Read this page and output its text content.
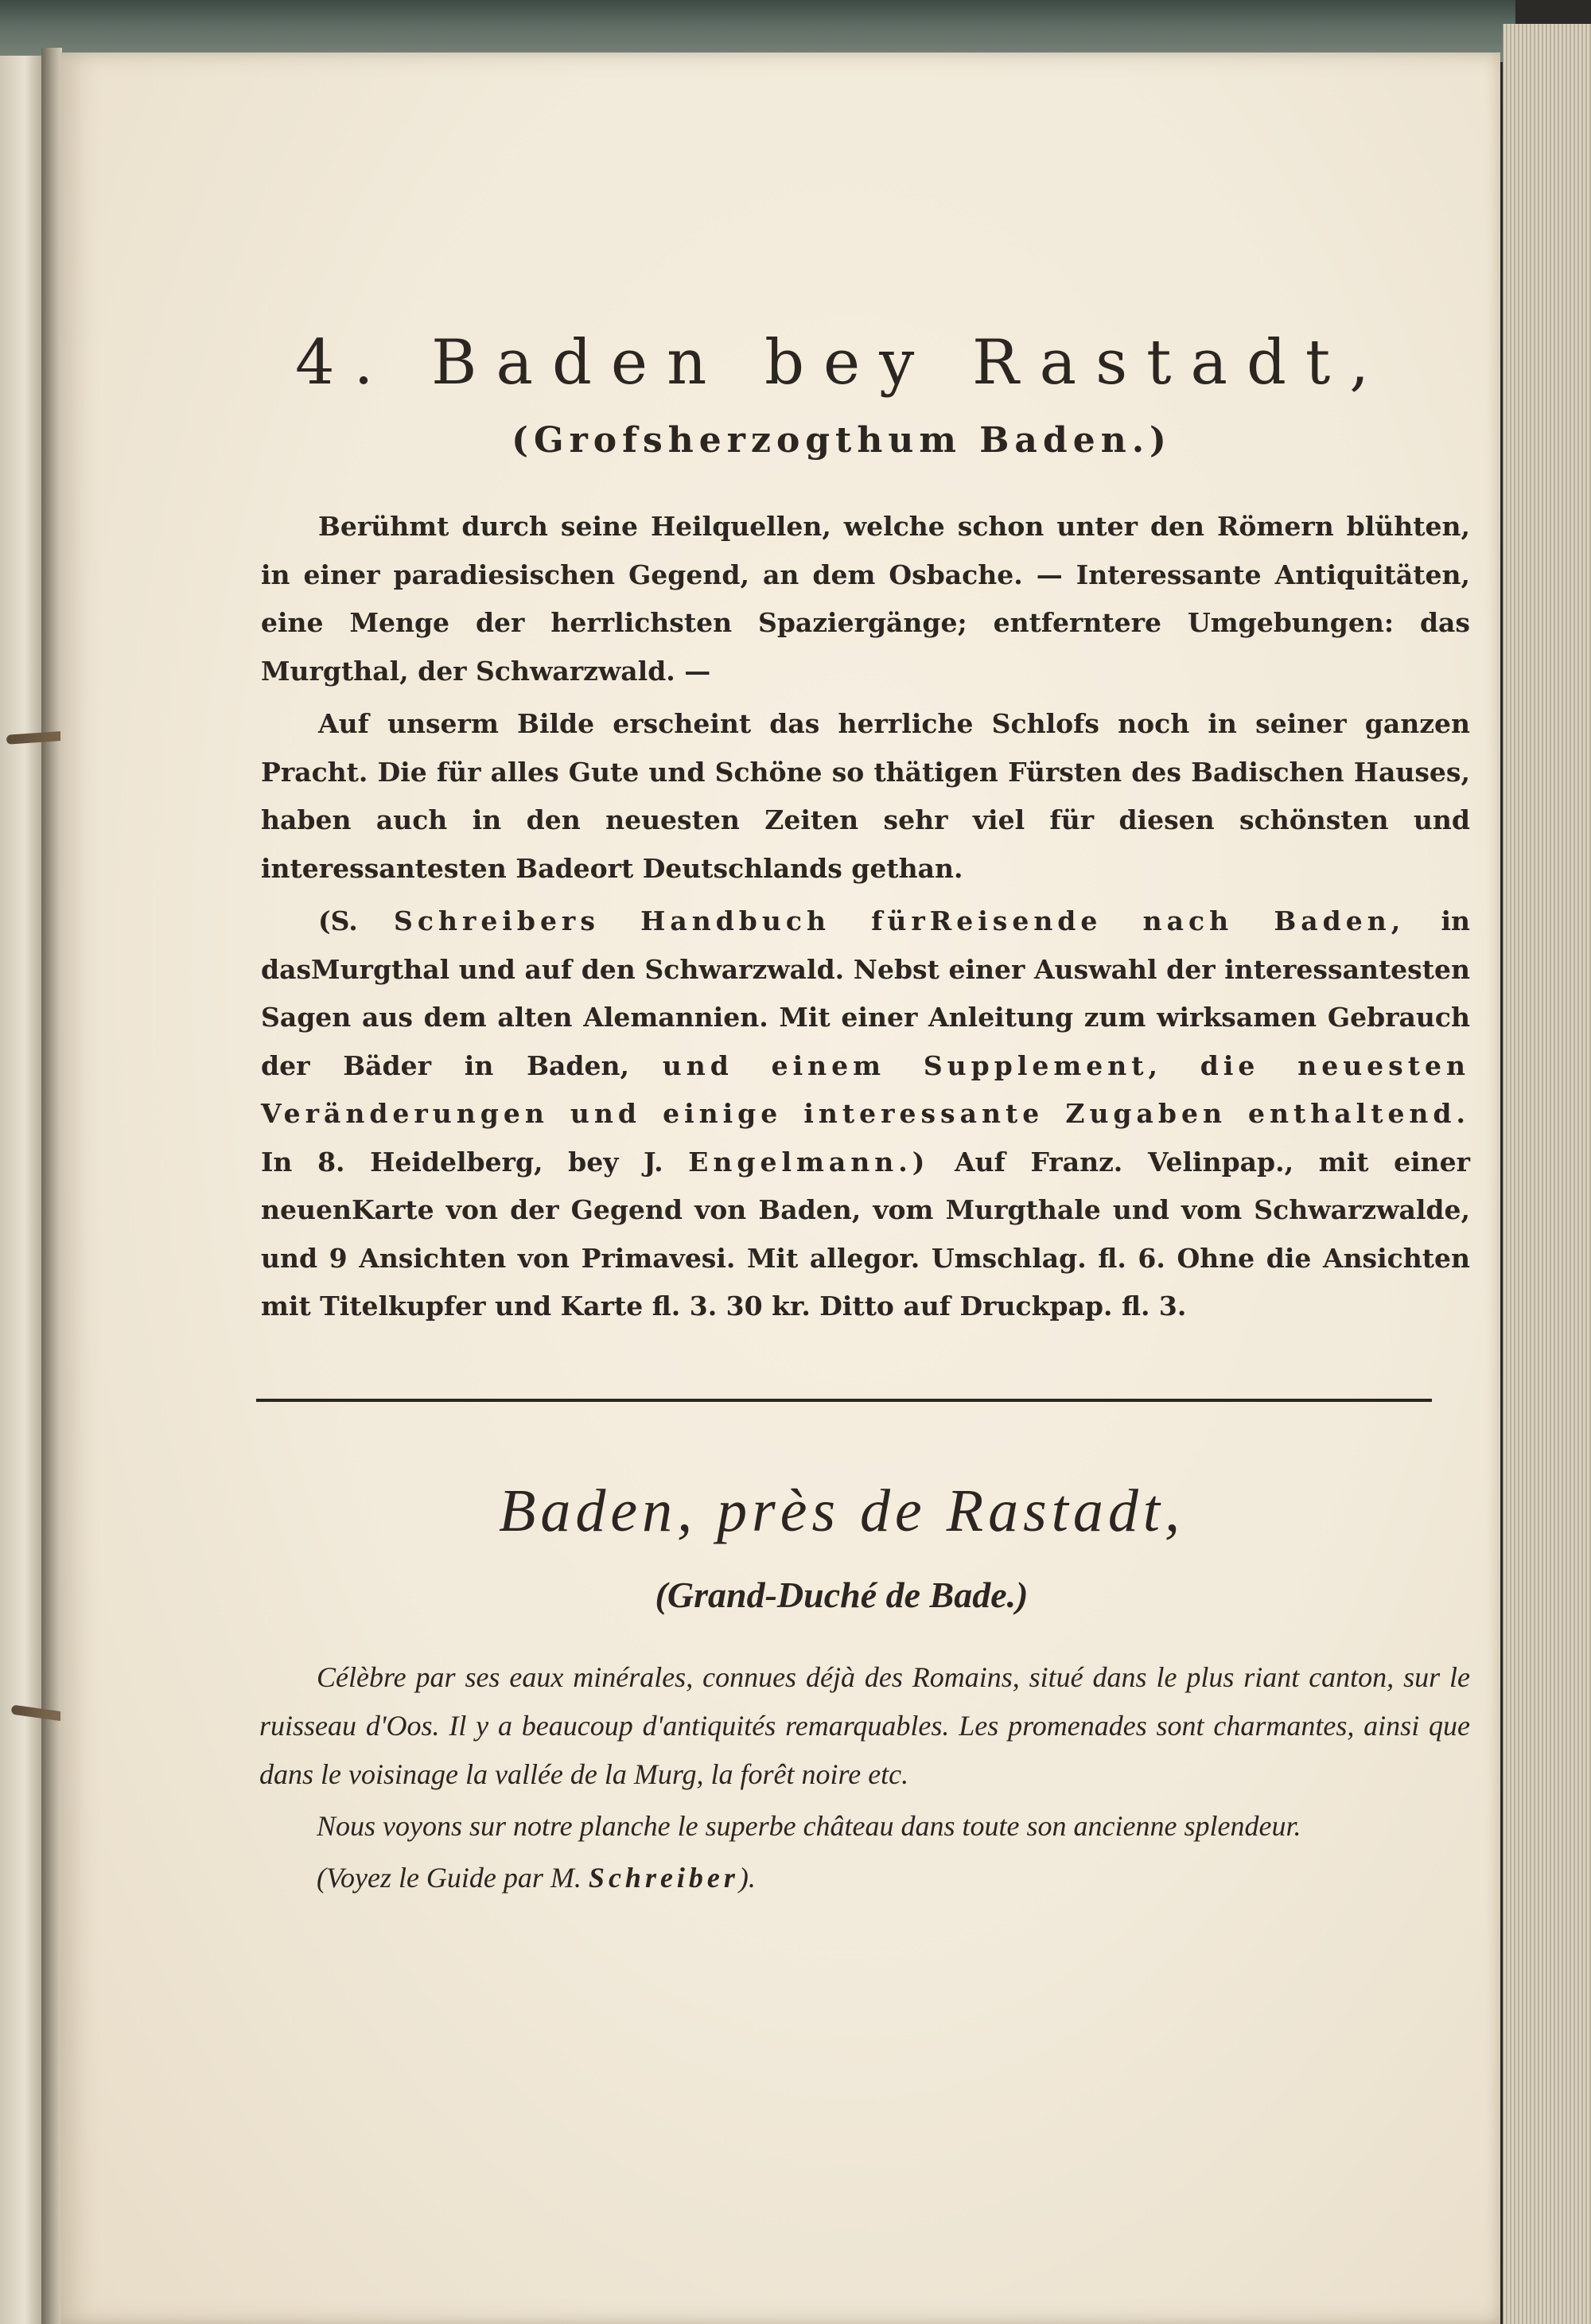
4. Baden bey Rastadt,
(Grofsherzogthum Baden.)

Berühmt durch seine Heilquellen, welche schon unter den Römern blühten, in einer paradiesischen Gegend, an dem Osbache. — Interessante Antiquitäten, eine Menge der herrlichsten Spaziergänge; entferntere Umgebungen: das Murgthal, der Schwarzwald. —

Auf unserm Bilde erscheint das herrliche Schlofs noch in seiner ganzen Pracht. Die für alles Gute und Schöne so thätigen Fürsten des Badischen Hauses, haben auch in den neuesten Zeiten sehr viel für diesen schönsten und interessantesten Badeort Deutschlands gethan.

(S. Schreibers Handbuch fürReisende nach Baden, in dasMurgthal und auf den Schwarzwald. Nebst einer Auswahl der interessantesten Sagen aus dem alten Alemannien. Mit einer Anleitung zum wirksamen Gebrauch der Bäder in Baden, und einem Supplement, die neuesten Veränderungen und einige interessante Zugaben enthaltend. In 8. Heidelberg, bey J. Engelmann.) Auf Franz. Velinpap., mit einer neuenKarte von der Gegend von Baden, vom Murgthale und vom Schwarzwalde, und 9 Ansichten von Primavesi. Mit allegor. Umschlag. fl. 6. Ohne die Ansichten mit Titelkupfer und Karte fl. 3. 30 kr. Ditto auf Druckpap. fl. 3.

Baden, près de Rastadt,
(Grand-Duché de Bade.)

Célèbre par ses eaux minérales, connues déjà des Romains, situé dans le plus riant canton, sur le ruisseau d'Oos. Il y a beaucoup d'antiquités remarquables. Les promenades sont charmantes, ainsi que dans le voisinage la vallée de la Murg, la forêt noire etc.

Nous voyons sur notre planche le superbe château dans toute son ancienne splendeur.

(Voyez le Guide par M. Schreiber).
